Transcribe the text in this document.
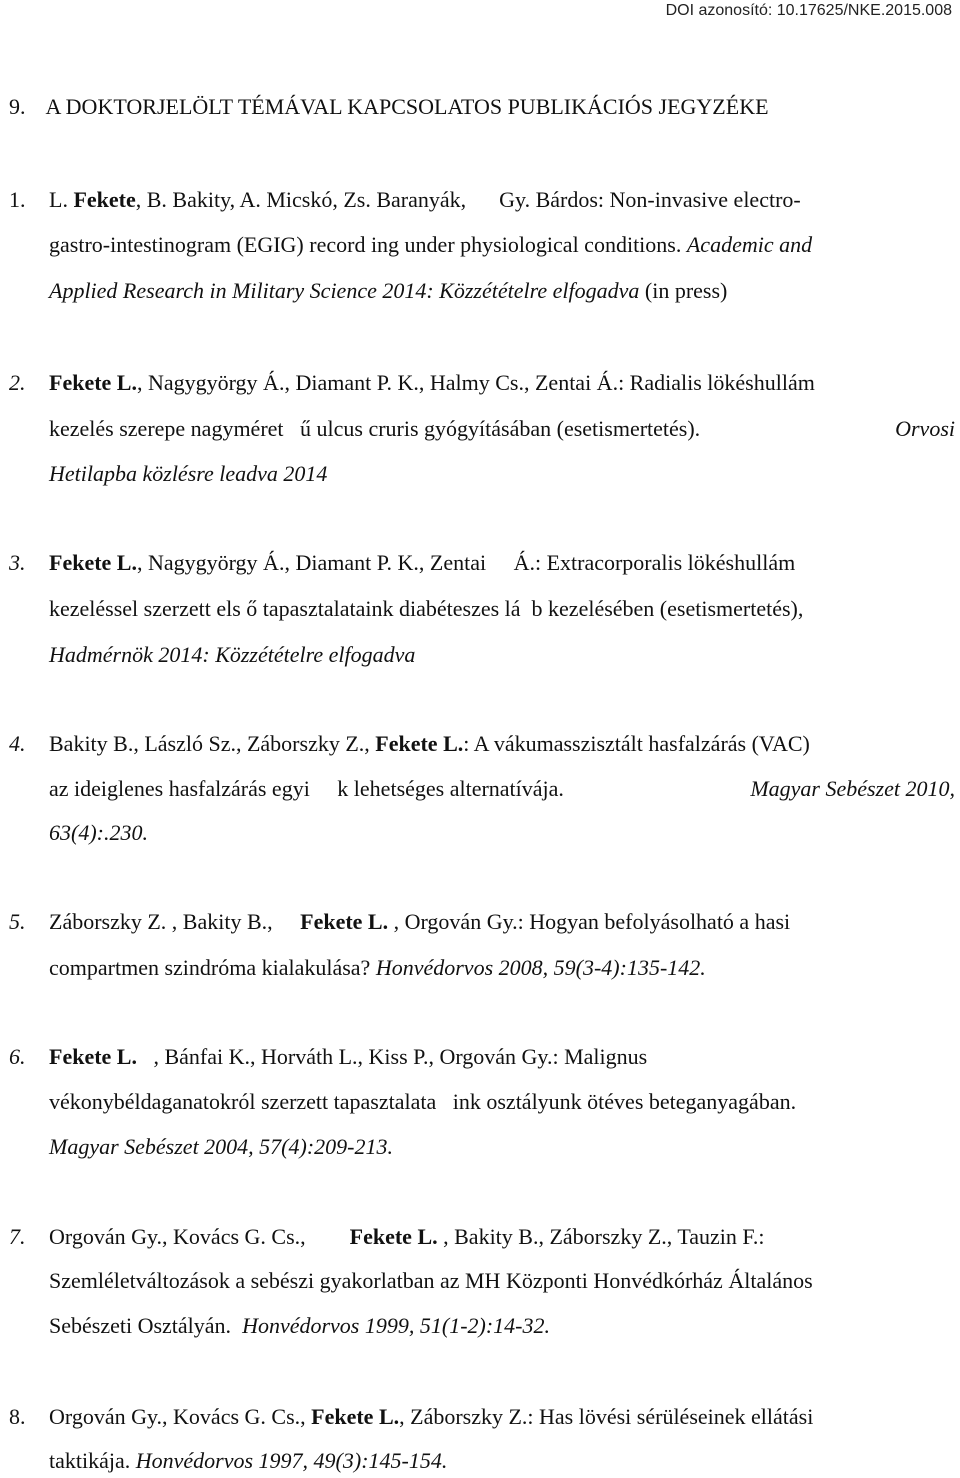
DOI azonosító: 10.17625/NKE.2015.008
9. A DOKTORJELÖLT TÉMÁVAL KAPCSOLATOS PUBLIKÁCIÓS JEGYZÉKE
1. L. Fekete, B. Bakity, A. Micskó, Zs. Baranyák,      Gy. Bárdos: Non-invasive electro-
gastro-intestinogram (EGIG) record ing under physiological conditions. Academic and
Applied Research in Military Science 2014: Közzétételre elfogadva (in press)
2. Fekete L., Nagygyörgy Á., Diamant P. K., Halmy Cs., Zentai Á.: Radialis lökéshullám
kezelés szerepe nagyméret   ű ulcus cruris gyógyításában (esetismertetés).	Orvosi
Hetilapba közlésre leadva 2014
3. Fekete L., Nagygyörgy Á., Diamant P. K., Zentai     Á.: Extracorporalis lökéshullám
kezeléssel szerzett els ő tapasztalataink diabéteszes lá  b kezelésében (esetismertetés),
Hadmérnök 2014: Közzétételre elfogadva
4. Bakity B., László Sz., Záborszky Z., Fekete L.: A vákumasszisztált hasfalzárás (VAC)
az ideiglenes hasfalzárás egyi     k lehetséges alternatívája.	Magyar Sebészet 2010,
63(4):.230.
5. Záborszky Z. , Bakity B.,     Fekete L. , Orgován Gy.: Hogyan befolyásolható a hasi
compartmen szindróma kialakulása? Honvédorvos 2008, 59(3-4):135-142.
6. Fekete L.   , Bánfai K., Horváth L., Kiss P., Orgován Gy.: Malignus
vékonybéldaganatokról szerzett tapasztalata   ink osztályunk ötéves beteganyagában.
Magyar Sebészet 2004, 57(4):209-213.
7. Orgován Gy., Kovács G. Cs.,        Fekete L. , Bakity B., Záborszky Z., Tauzin F.:
Szemléletváltozások a sebészi gyakorlatban az MH Központi Honvédkórház Általános
Sebészeti Osztályán.  Honvédorvos 1999, 51(1-2):14-32.
8. Orgován Gy., Kovács G. Cs., Fekete L., Záborszky Z.: Has lövési sérüléseinek ellátási
taktikája. Honvédorvos 1997, 49(3):145-154.
